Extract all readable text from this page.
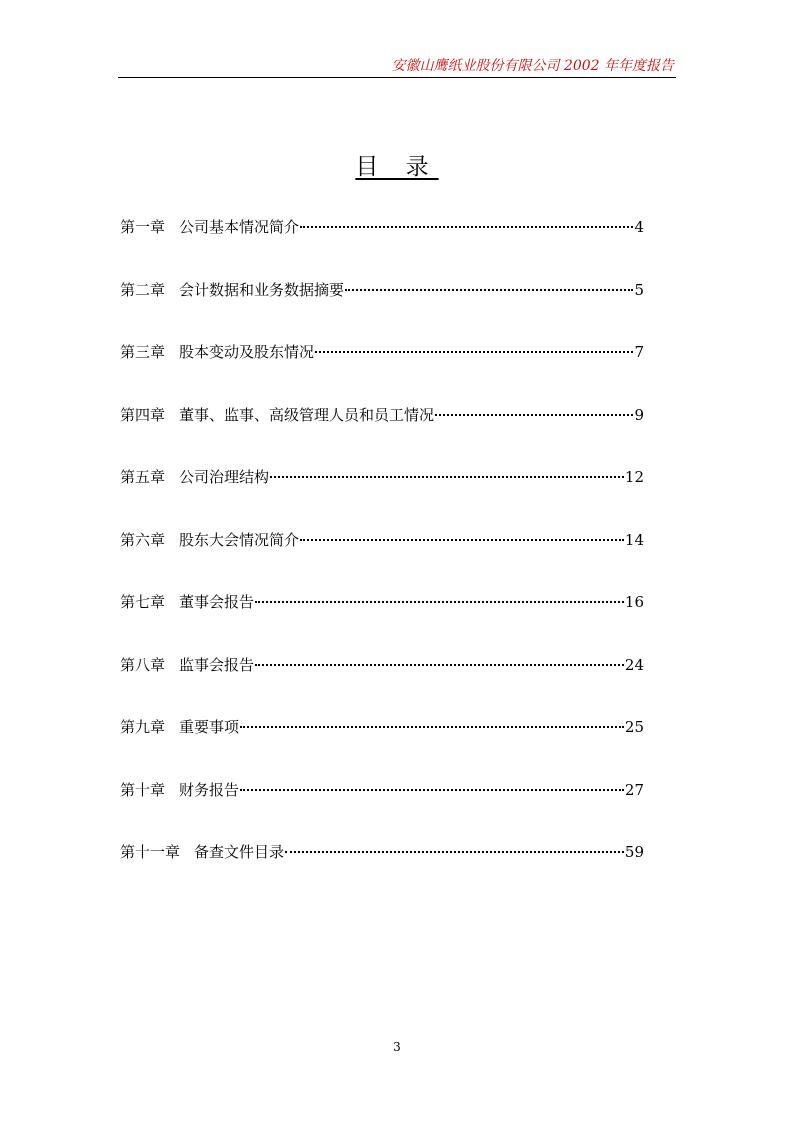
安徽山鹰纸业股份有限公司 2002 年年度报告
目 录
第一章 公司基本情况简介	4
第二章 会计数据和业务数据摘要	5
第三章 股本变动及股东情况	7
第四章 董事、监事、高级管理人员和员工情况	9
第五章 公司治理结构	12
第六章 股东大会情况简介	14
第七章 董事会报告	16
第八章 监事会报告	24
第九章 重要事项	25
第十章 财务报告	27
第十一章 备查文件目录	59
3
